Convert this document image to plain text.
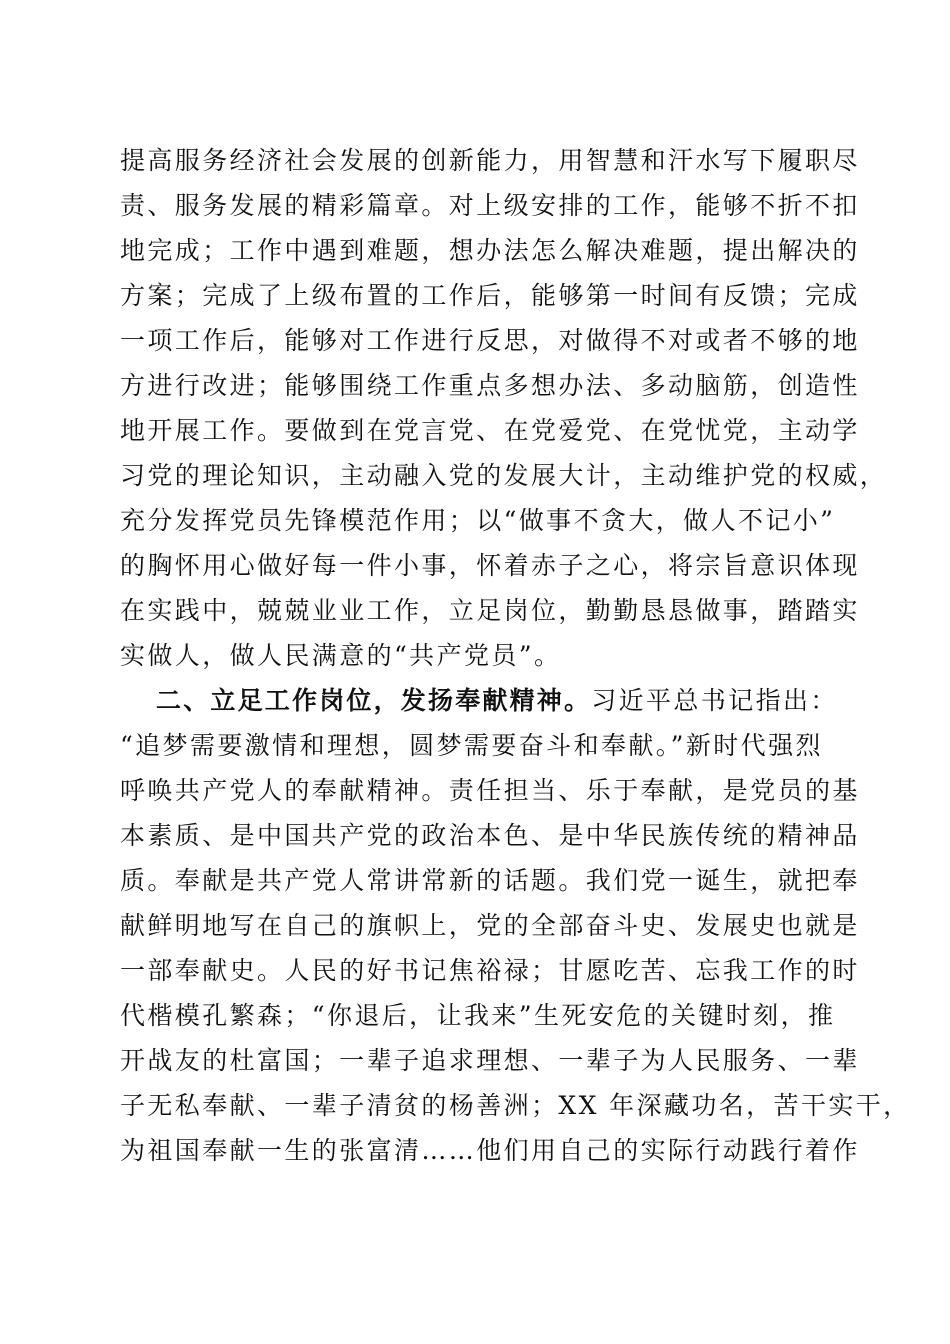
提高服务经济社会发展的创新能力，用智慧和汗水写下履职尽
责、服务发展的精彩篇章。对上级安排的工作，能够不折不扣
地完成；工作中遇到难题，想办法怎么解决难题，提出解决的
方案；完成了上级布置的工作后，能够第一时间有反馈；完成
一项工作后，能够对工作进行反思，对做得不对或者不够的地
方进行改进；能够围绕工作重点多想办法、多动脑筋，创造性
地开展工作。要做到在党言党、在党爱党、在党忧党，主动学
习党的理论知识，主动融入党的发展大计，主动维护党的权威，
充分发挥党员先锋模范作用；以“做事不贪大，做人不记小”
的胸怀用心做好每一件小事，怀着赤子之心，将宗旨意识体现
在实践中，兢兢业业工作，立足岗位，勤勤恳恳做事，踏踏实
实做人，做人民满意的“共产党员”。
二、立足工作岗位，发扬奉献精神。习近平总书记指出：
“追梦需要激情和理想，圆梦需要奋斗和奉献。”新时代强烈
呼唤共产党人的奉献精神。责任担当、乐于奉献，是党员的基
本素质、是中国共产党的政治本色、是中华民族传统的精神品
质。奉献是共产党人常讲常新的话题。我们党一诞生，就把奉
献鲜明地写在自己的旗帜上，党的全部奋斗史、发展史也就是
一部奉献史。人民的好书记焦裕禄；甘愿吃苦、忘我工作的时
代楷模孔繁森；“你退后，让我来”生死安危的关键时刻，推
开战友的杜富国；一辈子追求理想、一辈子为人民服务、一辈
子无私奉献、一辈子清贫的杨善洲；XX 年深藏功名，苦干实干，
为祖国奉献一生的张富清……他们用自己的实际行动践行着作
